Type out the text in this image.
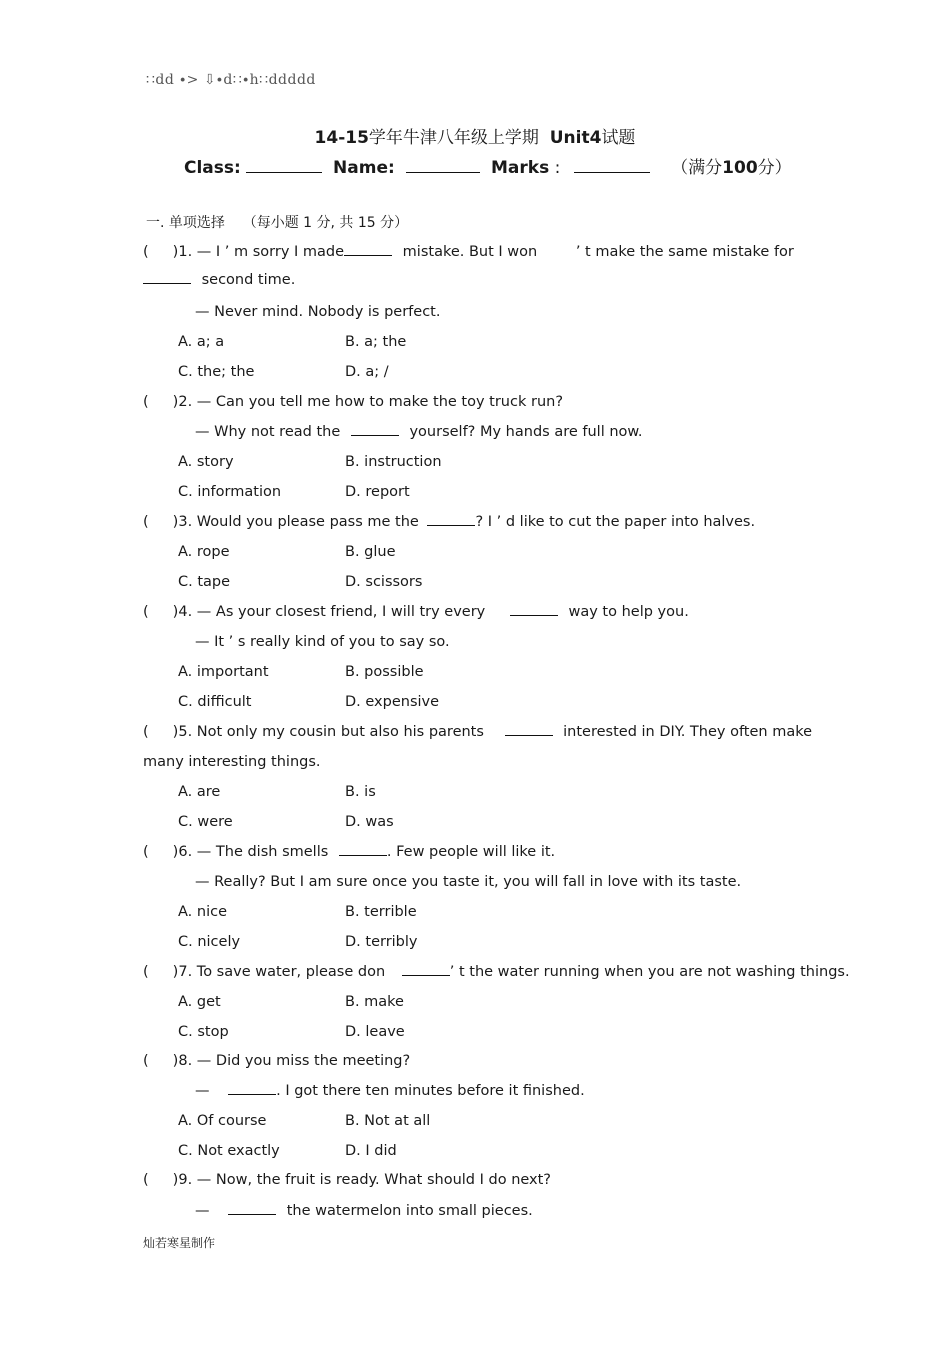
∷dd ∙> ⇩∙d∷∙h∷ddddd
14-15学年牛津八年级上学期 Unit4试题
Class:	Name:	Marks :	（满分100分）
一. 单项选择 （每小题 1 分, 共 15 分）
( )1. — I ’ m sorry I made	mistake. But I won	’ t make the same mistake for
second time.
— Never mind. Nobody is perfect.
A. a; a	B. a; the
C. the; the	D. a; /
( )2. — Can you tell me how to make the toy truck run?
— Why not read the	yourself? My hands are full now.
A. story	B. instruction
C. information	D. report
( )3. Would you please pass me the	? I ’ d like to cut the paper into halves.
A. rope	B. glue
C. tape	D. scissors
( )4. — As your closest friend, I will try every	way to help you.
— It ’ s really kind of you to say so.
A. important	B. possible
C. difficult	D. expensive
( )5. Not only my cousin but also his parents	interested in DIY. They often make
many interesting things.
A. are	B. is
C. were	D. was
( )6. — The dish smells	. Few people will like it.
— Really? But I am sure once you taste it, you will fall in love with its taste.
A. nice	B. terrible
C. nicely	D. terribly
( )7. To save water, please don	’ t the water running when you are not washing things.
A. get	B. make
C. stop	D. leave
( )8. — Did you miss the meeting?
—	. I got there ten minutes before it finished.
A. Of course	B. Not at all
C. Not exactly	D. I did
( )9. — Now, the fruit is ready. What should I do next?
—	the watermelon into small pieces.
灿若寒星制作
